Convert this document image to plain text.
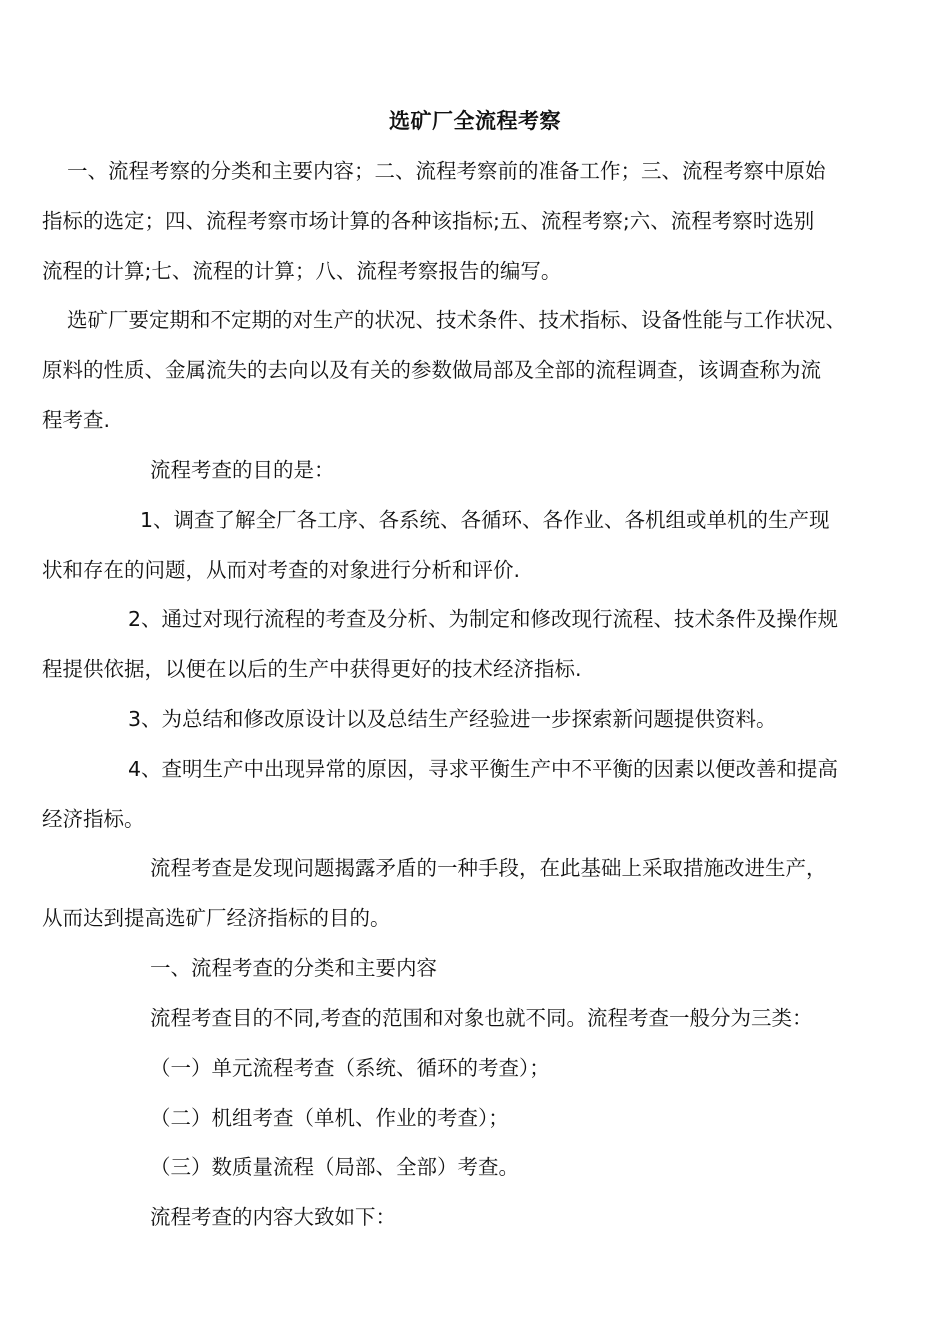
选矿厂全流程考察
一、流程考察的分类和主要内容；二、流程考察前的准备工作；三、流程考察中原始
指标的选定；四、流程考察市场计算的各种该指标;五、流程考察;六、流程考察时选别
流程的计算;七、流程的计算；八、流程考察报告的编写。
选矿厂要定期和不定期的对生产的状况、技术条件、技术指标、设备性能与工作状况、
原料的性质、金属流失的去向以及有关的参数做局部及全部的流程调查，该调查称为流
程考查.
流程考查的目的是：
1、调查了解全厂各工序、各系统、各循环、各作业、各机组或单机的生产现
状和存在的问题，从而对考查的对象进行分析和评价.
2、通过对现行流程的考查及分析、为制定和修改现行流程、技术条件及操作规
程提供依据，以便在以后的生产中获得更好的技术经济指标.
3、为总结和修改原设计以及总结生产经验进一步探索新问题提供资料。
4、查明生产中出现异常的原因，寻求平衡生产中不平衡的因素以便改善和提高
经济指标。
流程考查是发现问题揭露矛盾的一种手段，在此基础上采取措施改进生产，
从而达到提高选矿厂经济指标的目的。
一、流程考查的分类和主要内容
流程考查目的不同,考查的范围和对象也就不同。流程考查一般分为三类：
（一）单元流程考查（系统、循环的考查）；
（二）机组考查（单机、作业的考查）；
（三）数质量流程（局部、全部）考查。
流程考查的内容大致如下：
